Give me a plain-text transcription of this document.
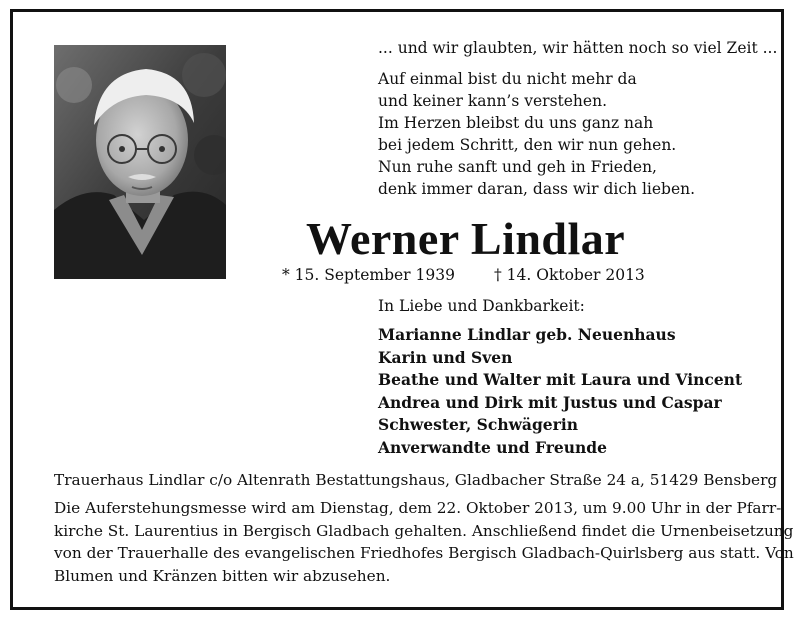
... und wir glaubten, wir hätten noch so viel Zeit ...
Auf einmal bist du nicht mehr da
und keiner kann’s verstehen.
Im Herzen bleibst du uns ganz nah
bei jedem Schritt, den wir nun gehen.
Nun ruhe sanft und geh in Frieden,
denk immer daran, dass wir dich lieben.
Werner Lindlar
* 15. September 1939	† 14. Oktober 2013
In Liebe und Dankbarkeit:
Marianne Lindlar geb. Neuenhaus
Karin und Sven
Beathe und Walter mit Laura und Vincent
Andrea und Dirk mit Justus und Caspar
Schwester, Schwägerin
Anverwandte und Freunde
Trauerhaus Lindlar c/o Altenrath Bestattungshaus, Gladbacher Straße 24 a, 51429 Bensberg
Die Auferstehungsmesse wird am Dienstag, dem 22. Oktober 2013, um 9.00 Uhr in der Pfarr-
kirche St. Laurentius in Bergisch Gladbach gehalten. Anschließend findet die Urnenbeisetzung
von der Trauerhalle des evangelischen Friedhofes Bergisch Gladbach-Quirlsberg aus statt. Von
Blumen und Kränzen bitten wir abzusehen.
